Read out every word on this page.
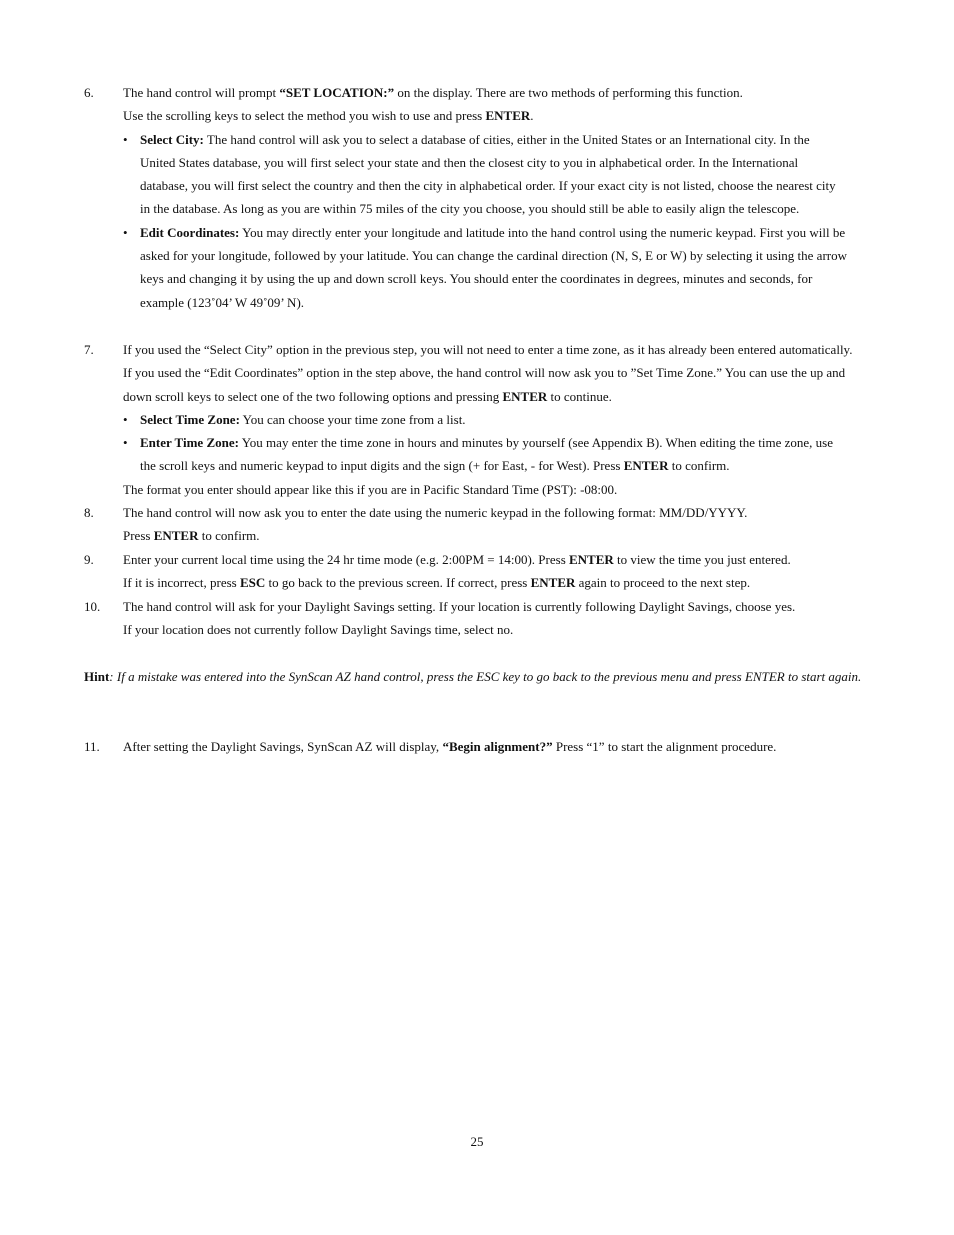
6.	The hand control will prompt “SET LOCATION:” on the display. There are two methods of performing this function.
Use the scrolling keys to select the method you wish to use and press ENTER.
• Select City: The hand control will ask you to select a database of cities, either in the United States or an International city. In the United States database, you will first select your state and then the closest city to you in alphabetical order. In the International database, you will first select the country and then the city in alphabetical order. If your exact city is not listed, choose the nearest city in the database. As long as you are within 75 miles of the city you choose, you should still be able to easily align the telescope.
• Edit Coordinates: You may directly enter your longitude and latitude into the hand control using the numeric keypad. First you will be asked for your longitude, followed by your latitude. You can change the cardinal direction (N, S, E or W) by selecting it using the arrow keys and changing it by using the up and down scroll keys. You should enter the coordinates in degrees, minutes and seconds, for example (123˚04’ W 49˚09’ N).
7.	If you used the “Select City” option in the previous step, you will not need to enter a time zone, as it has already been entered automatically. If you used the “Edit Coordinates” option in the step above, the hand control will now ask you to ”Set Time Zone.” You can use the up and down scroll keys to select one of the two following options and pressing ENTER to continue.
• Select Time Zone: You can choose your time zone from a list.
• Enter Time Zone: You may enter the time zone in hours and minutes by yourself (see Appendix B). When editing the time zone, use the scroll keys and numeric keypad to input digits and the sign (+ for East, - for West). Press ENTER to confirm.
The format you enter should appear like this if you are in Pacific Standard Time (PST): -08:00.
8.	The hand control will now ask you to enter the date using the numeric keypad in the following format: MM/DD/YYYY.
Press ENTER to confirm.
9.	Enter your current local time using the 24 hr time mode (e.g. 2:00PM = 14:00). Press ENTER to view the time you just entered.
If it is incorrect, press ESC to go back to the previous screen. If correct, press ENTER again to proceed to the next step.
10.	The hand control will ask for your Daylight Savings setting. If your location is currently following Daylight Savings, choose yes.
If your location does not currently follow Daylight Savings time, select no.
Hint: If a mistake was entered into the SynScan AZ hand control, press the ESC key to go back to the previous menu and press ENTER to start again.
11.	After setting the Daylight Savings, SynScan AZ will display, “Begin alignment?” Press “1” to start the alignment procedure.
25
